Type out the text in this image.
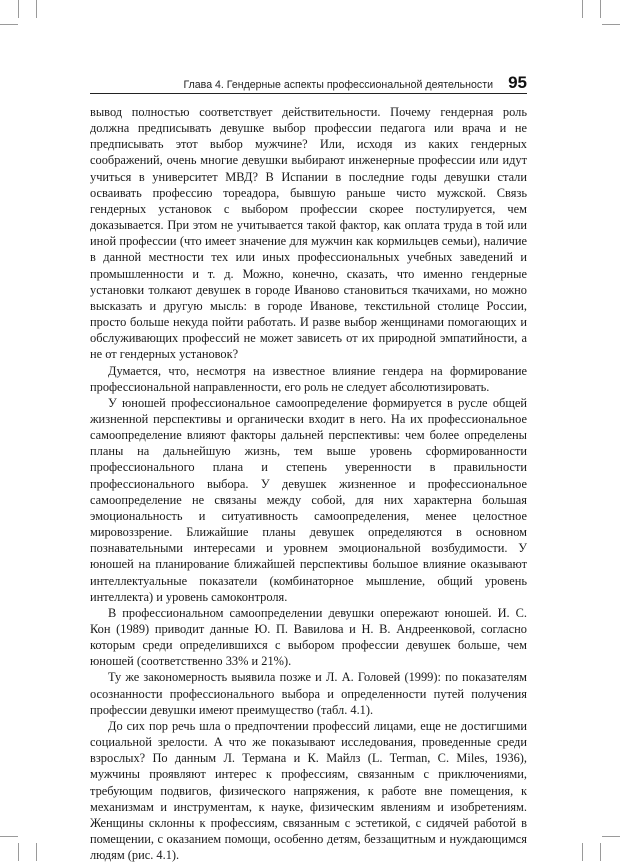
Глава 4. Гендерные аспекты профессиональной деятельности 95

вывод полностью соответствует действительности. Почему гендерная роль должна предписывать девушке выбор профессии педагога или врача и не предписывать этот выбор мужчине? Или, исходя из каких гендерных соображений, очень многие девушки выбирают инженерные профессии или идут учиться в университет МВД? В Испании в последние годы девушки стали осваивать профессию тореадора, бывшую раньше чисто мужской. Связь гендерных установок с выбором профессии скорее постулируется, чем доказывается. При этом не учитывается такой фактор, как оплата труда в той или иной профессии (что имеет значение для мужчин как кормильцев семьи), наличие в данной местности тех или иных профессиональных учебных заведений и промышленности и т. д. Можно, конечно, сказать, что именно гендерные установки толкают девушек в городе Иваново становиться ткачихами, но можно высказать и другую мысль: в городе Иванове, текстильной столице России, просто больше некуда пойти работать. И разве выбор женщинами помогающих и обслуживающих профессий не может зависеть от их природной эмпатийности, а не от гендерных установок?

Думается, что, несмотря на известное влияние гендера на формирование профессиональной направленности, его роль не следует абсолютизировать.

У юношей профессиональное самоопределение формируется в русле общей жизненной перспективы и органически входит в него. На их профессиональное самоопределение влияют факторы дальней перспективы: чем более определены планы на дальнейшую жизнь, тем выше уровень сформированности профессионального плана и степень уверенности в правильности профессионального выбора. У девушек жизненное и профессиональное самоопределение не связаны между собой, для них характерна большая эмоциональность и ситуативность самоопределения, менее целостное мировоззрение. Ближайшие планы девушек определяются в основном познавательными интересами и уровнем эмоциональной возбудимости. У юношей на планирование ближайшей перспективы большое влияние оказывают интеллектуальные показатели (комбинаторное мышление, общий уровень интеллекта) и уровень самоконтроля.

В профессиональном самоопределении девушки опережают юношей. И. С. Кон (1989) приводит данные Ю. П. Вавилова и Н. В. Андреенковой, согласно которым среди определившихся с выбором профессии девушек больше, чем юношей (соответственно 33% и 21%).

Ту же закономерность выявила позже и Л. А. Головей (1999): по показателям осознанности профессионального выбора и определенности путей получения профессии девушки имеют преимущество (табл. 4.1).

До сих пор речь шла о предпочтении профессий лицами, еще не достигшими социальной зрелости. А что же показывают исследования, проведенные среди взрослых? По данным Л. Термана и К. Майлз (L. Terman, C. Miles, 1936), мужчины проявляют интерес к профессиям, связанным с приключениями, требующим подвигов, физического напряжения, к работе вне помещения, к механизмам и инструментам, к науке, физическим явлениям и изобретениям. Женщины склонны к профессиям, связанным с эстетикой, с сидячей работой в помещении, с оказанием помощи, особенно детям, беззащитным и нуждающимся людям (рис. 4.1).
